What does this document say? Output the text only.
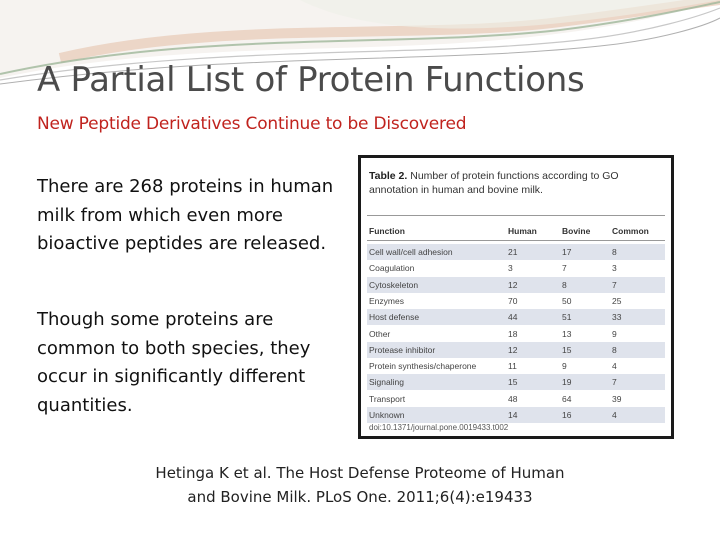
A Partial List of Protein Functions
New Peptide Derivatives Continue to be Discovered
There are 268 proteins in human milk from which even more bioactive peptides are released.
Though some proteins are common to both species, they occur in significantly different quantities.
Table 2. Number of protein functions according to GO annotation in human and bovine milk.
Function	Human	Bovine	Common
Cell wall/cell adhesion	21	17	8
Coagulation	3	7	3
Cytoskeleton	12	8	7
Enzymes	70	50	25
Host defense	44	51	33
Other	18	13	9
Protease inhibitor	12	15	8
Protein synthesis/chaperone	11	9	4
Signaling	15	19	7
Transport	48	64	39
Unknown	14	16	4
doi:10.1371/journal.pone.0019433.t002
Hetinga K et al. The Host Defense Proteome of Human
and Bovine Milk. PLoS One. 2011;6(4):e19433
